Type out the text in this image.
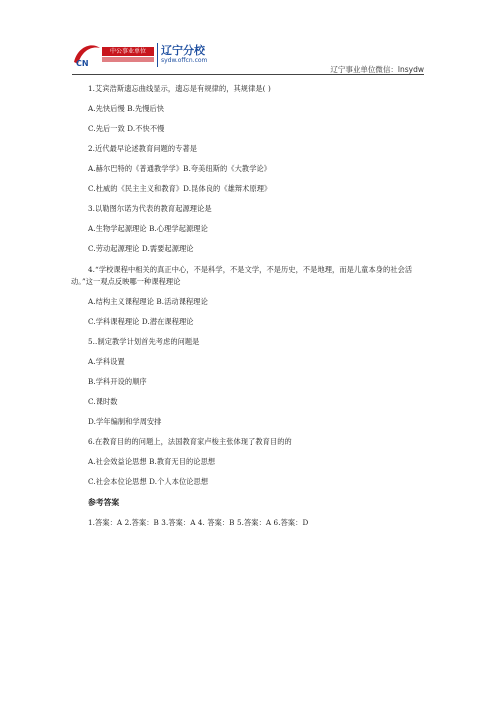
CN
中公事业单位	辽宁分校
sydw.offcn.com
辽宁事业单位微信：lnsydw
1.艾宾浩斯遗忘曲线显示，遗忘是有规律的，其规律是( )
A.先快后慢 B.先慢后快
C.先后一致 D.不快不慢
2.近代最早论述教育问题的专著是
A.赫尔巴特的《普通教学学》B.夸美纽斯的《大教学论》
C.杜威的《民主主义和教育》D.昆体良的《雄辩术原理》
3.以勒图尔诺为代表的教育起源理论是
A.生物学起源理论 B.心理学起源理论
C.劳动起源理论 D.需要起源理论
4.“学校课程中相关的真正中心，不是科学，不是文学，不是历史，不是地理，而是儿童本身的社会活动。”这一观点反映哪一种课程理论
A.结构主义课程理论 B.活动课程理论
C.学科课程理论 D.潜在课程理论
5..制定教学计划首先考虑的问题是
A.学科设置
B.学科开设的顺序
C.课时数
D.学年编制和学周安排
6.在教育目的的问题上，法国教育家卢梭主张体现了教育目的的
A.社会效益论思想 B.教育无目的论思想
C.社会本位论思想 D.个人本位论思想
参考答案
1.答案：A 2.答案：B 3.答案：A 4. 答案：B 5.答案：A 6.答案：D
